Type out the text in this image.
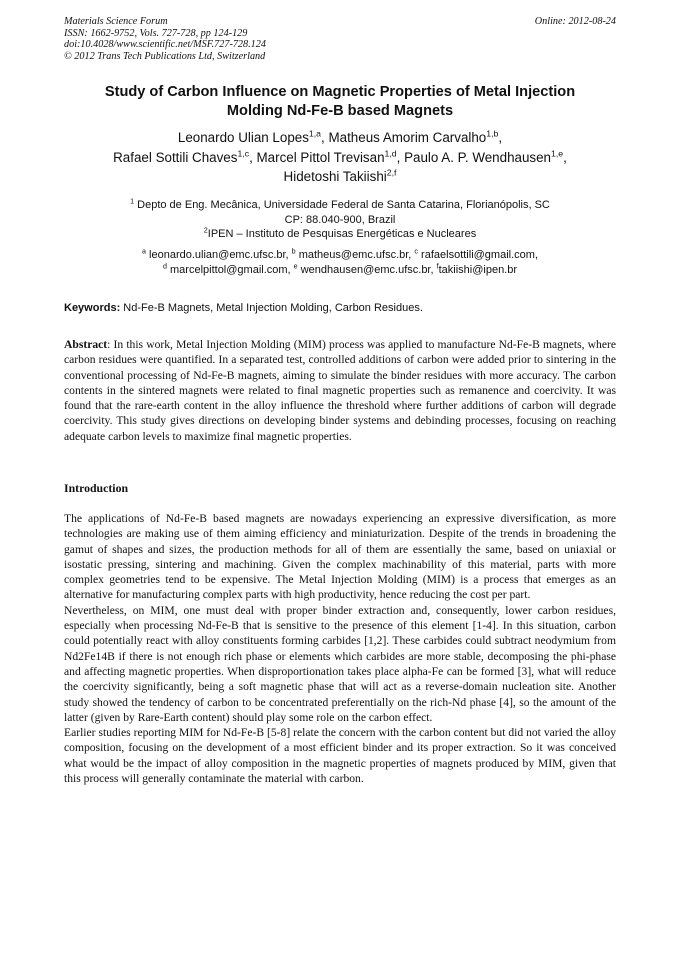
Materials Science Forum
ISSN: 1662-9752, Vols. 727-728, pp 124-129
doi:10.4028/www.scientific.net/MSF.727-728.124
© 2012 Trans Tech Publications Ltd, Switzerland
Online: 2012-08-24
Study of Carbon Influence on Magnetic Properties of Metal Injection
Molding Nd-Fe-B based Magnets
Leonardo Ulian Lopes$^{1,a}$, Matheus Amorim Carvalho$^{1,b}$,
Rafael Sottili Chaves$^{1,c}$, Marcel Pittol Trevisan$^{1,d}$, Paulo A. P. Wendhausen$^{1,e}$,
Hidetoshi Takiishi$^{2,f}$
$^1$ Depto de Eng. Mecânica, Universidade Federal de Santa Catarina, Florianópolis, SC
CP: 88.040-900, Brazil
$^2$IPEN – Instituto de Pesquisas Energéticas e Nucleares
$^a$ leonardo.ulian@emc.ufsc.br, $^b$ matheus@emc.ufsc.br, $^c$ rafaelsottili@gmail.com,
$^d$ marcelpittol@gmail.com, $^e$ wendhausen@emc.ufsc.br, $^f$takiishi@ipen.br
Keywords: Nd-Fe-B Magnets, Metal Injection Molding, Carbon Residues.

Abstract: In this work, Metal Injection Molding (MIM) process was applied to manufacture Nd-Fe-B magnets, where carbon residues were quantified. In a separated test, controlled additions of carbon were added prior to sintering in the conventional processing of Nd-Fe-B magnets, aiming to simulate the binder residues with more accuracy. The carbon contents in the sintered magnets were related to final magnetic properties such as remanence and coercivity. It was found that the rare-earth content in the alloy influence the threshold where further additions of carbon will degrade coercivity. This study gives directions on developing binder systems and debinding processes, focusing on reaching adequate carbon levels to maximize final magnetic properties.

Introduction

The applications of Nd-Fe-B based magnets are nowadays experiencing an expressive diversification, as more technologies are making use of them aiming efficiency and miniaturization. Despite of the trends in broadening the gamut of shapes and sizes, the production methods for all of them are essentially the same, based on uniaxial or isostatic pressing, sintering and machining. Given the complex machinability of this material, parts with more complex geometries tend to be expensive. The Metal Injection Molding (MIM) is a process that emerges as an alternative for manufacturing complex parts with high productivity, hence reducing the cost per part.

Nevertheless, on MIM, one must deal with proper binder extraction and, consequently, lower carbon residues, especially when processing Nd-Fe-B that is sensitive to the presence of this element [1-4]. In this situation, carbon could potentially react with alloy constituents forming carbides [1,2]. These carbides could subtract neodymium from Nd2Fe14B if there is not enough rich phase or elements which carbides are more stable, decomposing the phi-phase and affecting magnetic properties. When disproportionation takes place alpha-Fe can be formed [3], what will reduce the coercivity significantly, being a soft magnetic phase that will act as a reverse-domain nucleation site. Another study showed the tendency of carbon to be concentrated preferentially on the rich-Nd phase [4], so the amount of the latter (given by Rare-Earth content) should play some role on the carbon effect.

Earlier studies reporting MIM for Nd-Fe-B [5-8] relate the concern with the carbon content but did not varied the alloy composition, focusing on the development of a most efficient binder and its proper extraction. So it was conceived what would be the impact of alloy composition in the magnetic properties of magnets produced by MIM, given that this process will generally contaminate the material with carbon.
